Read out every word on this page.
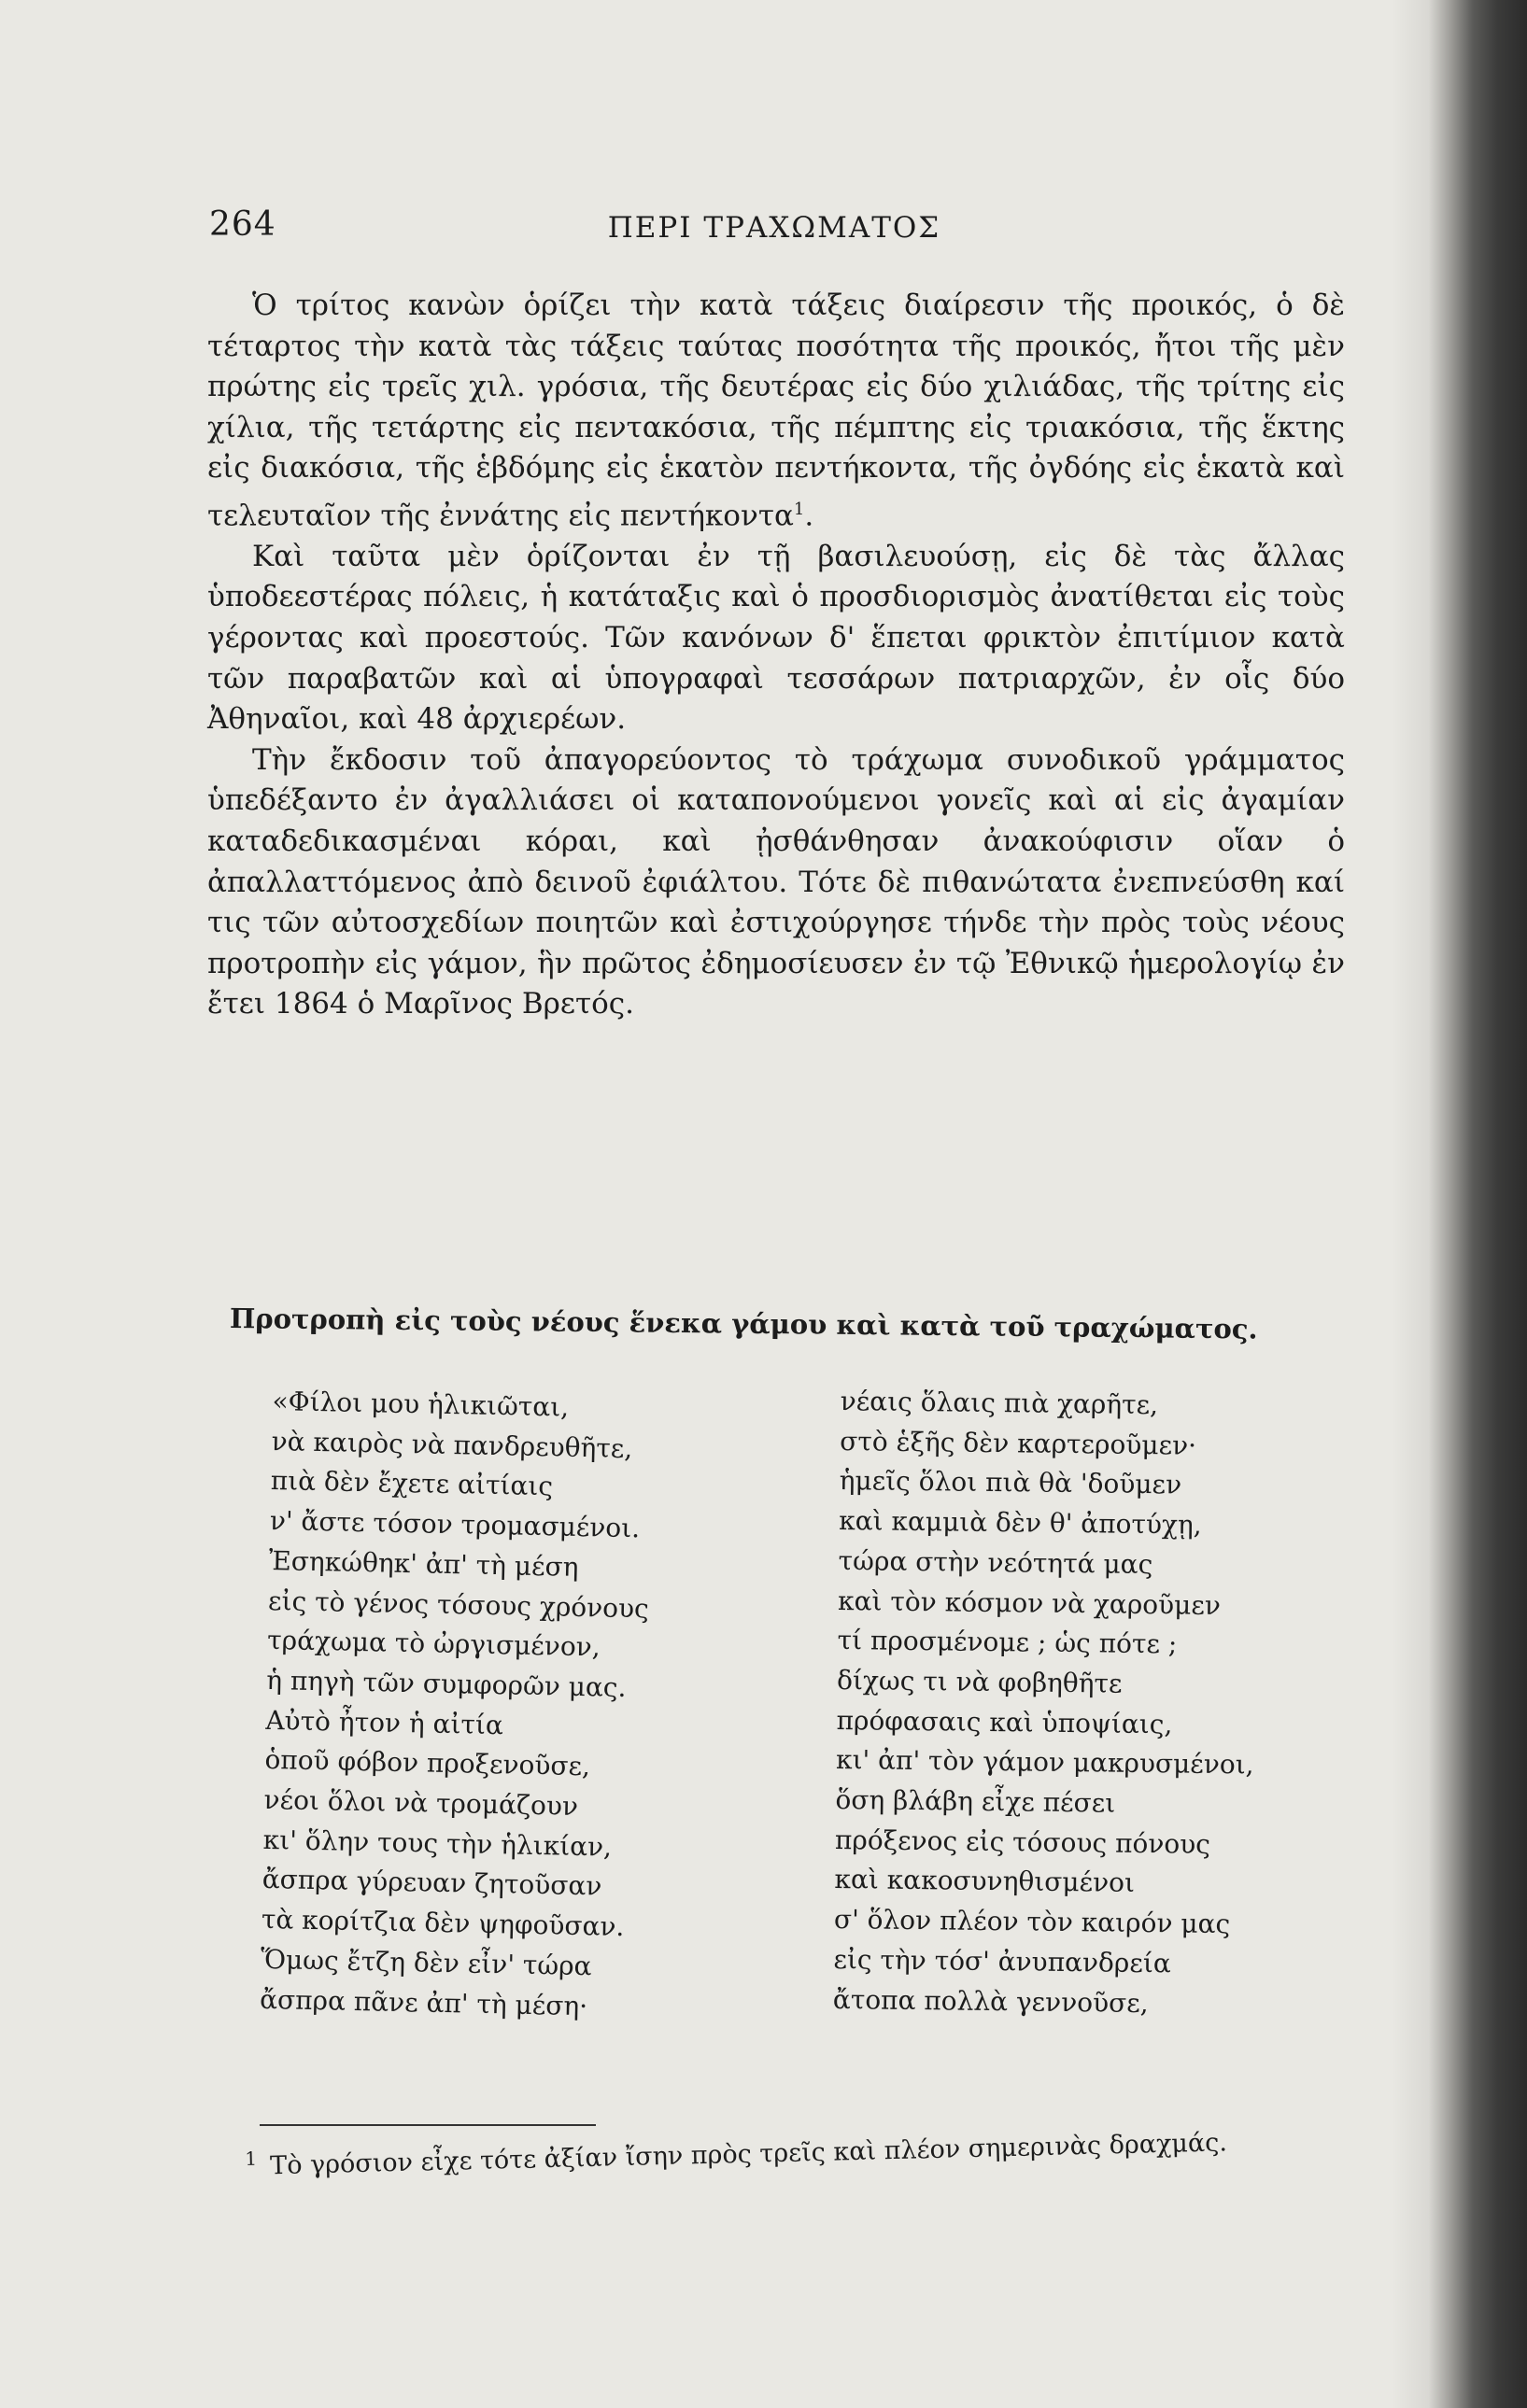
264	ΠΕΡΙ ΤΡΑΧΩΜΑΤΟΣ

Ὁ τρίτος κανὼν ὁρίζει τὴν κατὰ τάξεις διαίρεσιν τῆς προικός, ὁ δὲ τέταρτος τὴν κατὰ τὰς τάξεις ταύτας ποσότητα τῆς προικός, ἤτοι τῆς μὲν πρώτης εἰς τρεῖς χιλ. γρόσια, τῆς δευτέρας εἰς δύο χιλιάδας, τῆς τρίτης εἰς χίλια, τῆς τετάρτης εἰς πεντακόσια, τῆς πέμπτης εἰς τριακόσια, τῆς ἕκτης εἰς διακόσια, τῆς ἑβδόμης εἰς ἑκατὸν πεντήκοντα, τῆς ὀγδόης εἰς ἑκατὰ καὶ τελευταῖον τῆς ἐννάτης εἰς πεντήκοντα$^1$.

Καὶ ταῦτα μὲν ὁρίζονται ἐν τῇ βασιλευούσῃ, εἰς δὲ τὰς ἄλλας ὑποδεεστέρας πόλεις, ἡ κατάταξις καὶ ὁ προσδιορισμὸς ἀνατίθεται εἰς τοὺς γέροντας καὶ προεστούς. Τῶν κανόνων δ' ἕπεται φρικτὸν ἐπιτίμιον κατὰ τῶν παραβατῶν καὶ αἱ ὑπογραφαὶ τεσσάρων πατριαρχῶν, ἐν οἷς δύο Ἀθηναῖοι, καὶ 48 ἀρχιερέων.

Τὴν ἔκδοσιν τοῦ ἀπαγορεύοντος τὸ τράχωμα συνοδικοῦ γράμματος ὑπεδέξαντο ἐν ἀγαλλιάσει οἱ καταπονούμενοι γονεῖς καὶ αἱ εἰς ἀγαμίαν καταδεδικασμέναι κόραι, καὶ ᾐσθάνθησαν ἀνακούφισιν οἵαν ὁ ἀπαλλαττόμενος ἀπὸ δεινοῦ ἐφιάλτου. Τότε δὲ πιθανώτατα ἐνεπνεύσθη καί τις τῶν αὐτοσχεδίων ποιητῶν καὶ ἐστιχούργησε τήνδε τὴν πρὸς τοὺς νέους προτροπὴν εἰς γάμον, ἣν πρῶτος ἐδημοσίευσεν ἐν τῷ Ἐθνικῷ ἡμερολογίῳ ἐν ἔτει 1864 ὁ Μαρῖνος Βρετός.

Προτροπὴ εἰς τοὺς νέους ἕνεκα γάμου καὶ κατὰ τοῦ τραχώματος.
«Φίλοι μου ἡλικιῶται,
νὰ καιρὸς νὰ πανδρευθῆτε,
πιὰ δὲν ἔχετε αἰτίαις
ν' ἄστε τόσον τρομασμένοι.
Ἐσηκώθηκ' ἀπ' τὴ μέση
εἰς τὸ γένος τόσους χρόνους
τράχωμα τὸ ὠργισμένον,
ἡ πηγὴ τῶν συμφορῶν μας.
Αὐτὸ ἦτον ἡ αἰτία
ὁποῦ φόβον προξενοῦσε,
νέοι ὅλοι νὰ τρομάζουν
κι' ὅλην τους τὴν ἡλικίαν,
ἄσπρα γύρευαν ζητοῦσαν
τὰ κορίτζια δὲν ψηφοῦσαν.
Ὅμως ἔτζη δὲν εἶν' τώρα
ἄσπρα πᾶνε ἀπ' τὴ μέση·
νέαις ὅλαις πιὰ χαρῆτε,
στὸ ἑξῆς δὲν καρτεροῦμεν·
ἡμεῖς ὅλοι πιὰ θὰ 'δοῦμεν
καὶ καμμιὰ δὲν θ' ἀποτύχῃ,
τώρα στὴν νεότητά μας
καὶ τὸν κόσμον νὰ χαροῦμεν
τί προσμένομε ; ὡς πότε ;
δίχως τι νὰ φοβηθῆτε
πρόφασαις καὶ ὑποψίαις,
κι' ἀπ' τὸν γάμον μακρυσμένοι,
ὅση βλάβη εἶχε πέσει
πρόξενος εἰς τόσους πόνους
καὶ κακοσυνηθισμένοι
σ' ὅλον πλέον τὸν καιρόν μας
εἰς τὴν τόσ' ἀνυπανδρεία
ἄτοπα πολλὰ γεννοῦσε,
$^1$ Τὸ γρόσιον εἶχε τότε ἀξίαν ἴσην πρὸς τρεῖς καὶ πλέον σημερινὰς δραχμάς.
